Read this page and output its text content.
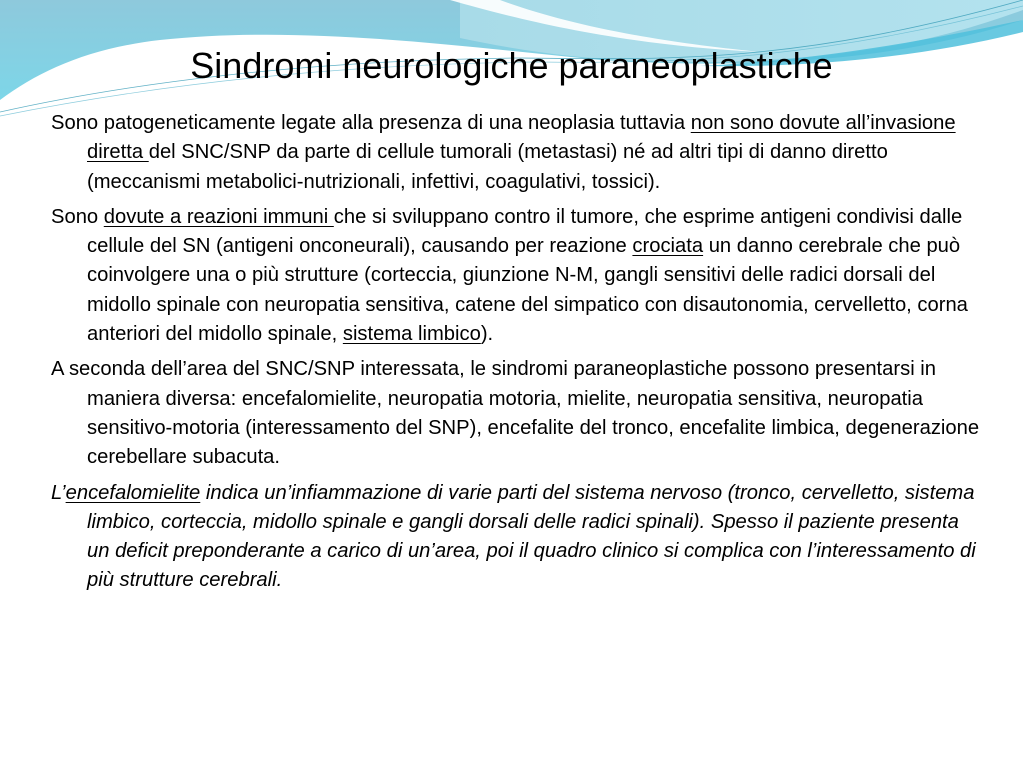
Sindromi neurologiche paraneoplastiche

Sono patogeneticamente legate alla presenza di una neoplasia tuttavia non sono dovute all’invasione diretta del SNC/SNP da parte di cellule tumorali (metastasi) né ad altri tipi di danno diretto (meccanismi metabolici-nutrizionali, infettivi, coagulativi, tossici).

Sono dovute a reazioni immuni che si sviluppano contro il tumore, che esprime antigeni condivisi dalle cellule del SN (antigeni onconeurali), causando per reazione crociata un danno cerebrale che può coinvolgere una o più strutture (corteccia, giunzione N-M, gangli sensitivi delle radici dorsali del midollo spinale con neuropatia sensitiva, catene del simpatico con disautonomia, cervelletto, corna anteriori del midollo spinale, sistema limbico).

A seconda dell’area del SNC/SNP interessata, le sindromi paraneoplastiche possono presentarsi in maniera diversa: encefalomielite, neuropatia motoria, mielite, neuropatia sensitiva, neuropatia sensitivo-motoria (interessamento del SNP), encefalite del tronco, encefalite limbica, degenerazione cerebellare subacuta.

L’encefalomielite indica un’infiammazione di varie parti del sistema nervoso (tronco, cervelletto, sistema limbico, corteccia, midollo spinale e gangli dorsali delle radici spinali). Spesso il paziente presenta un deficit preponderante a carico di un’area, poi il quadro clinico si complica con l’interessamento di più strutture cerebrali.
